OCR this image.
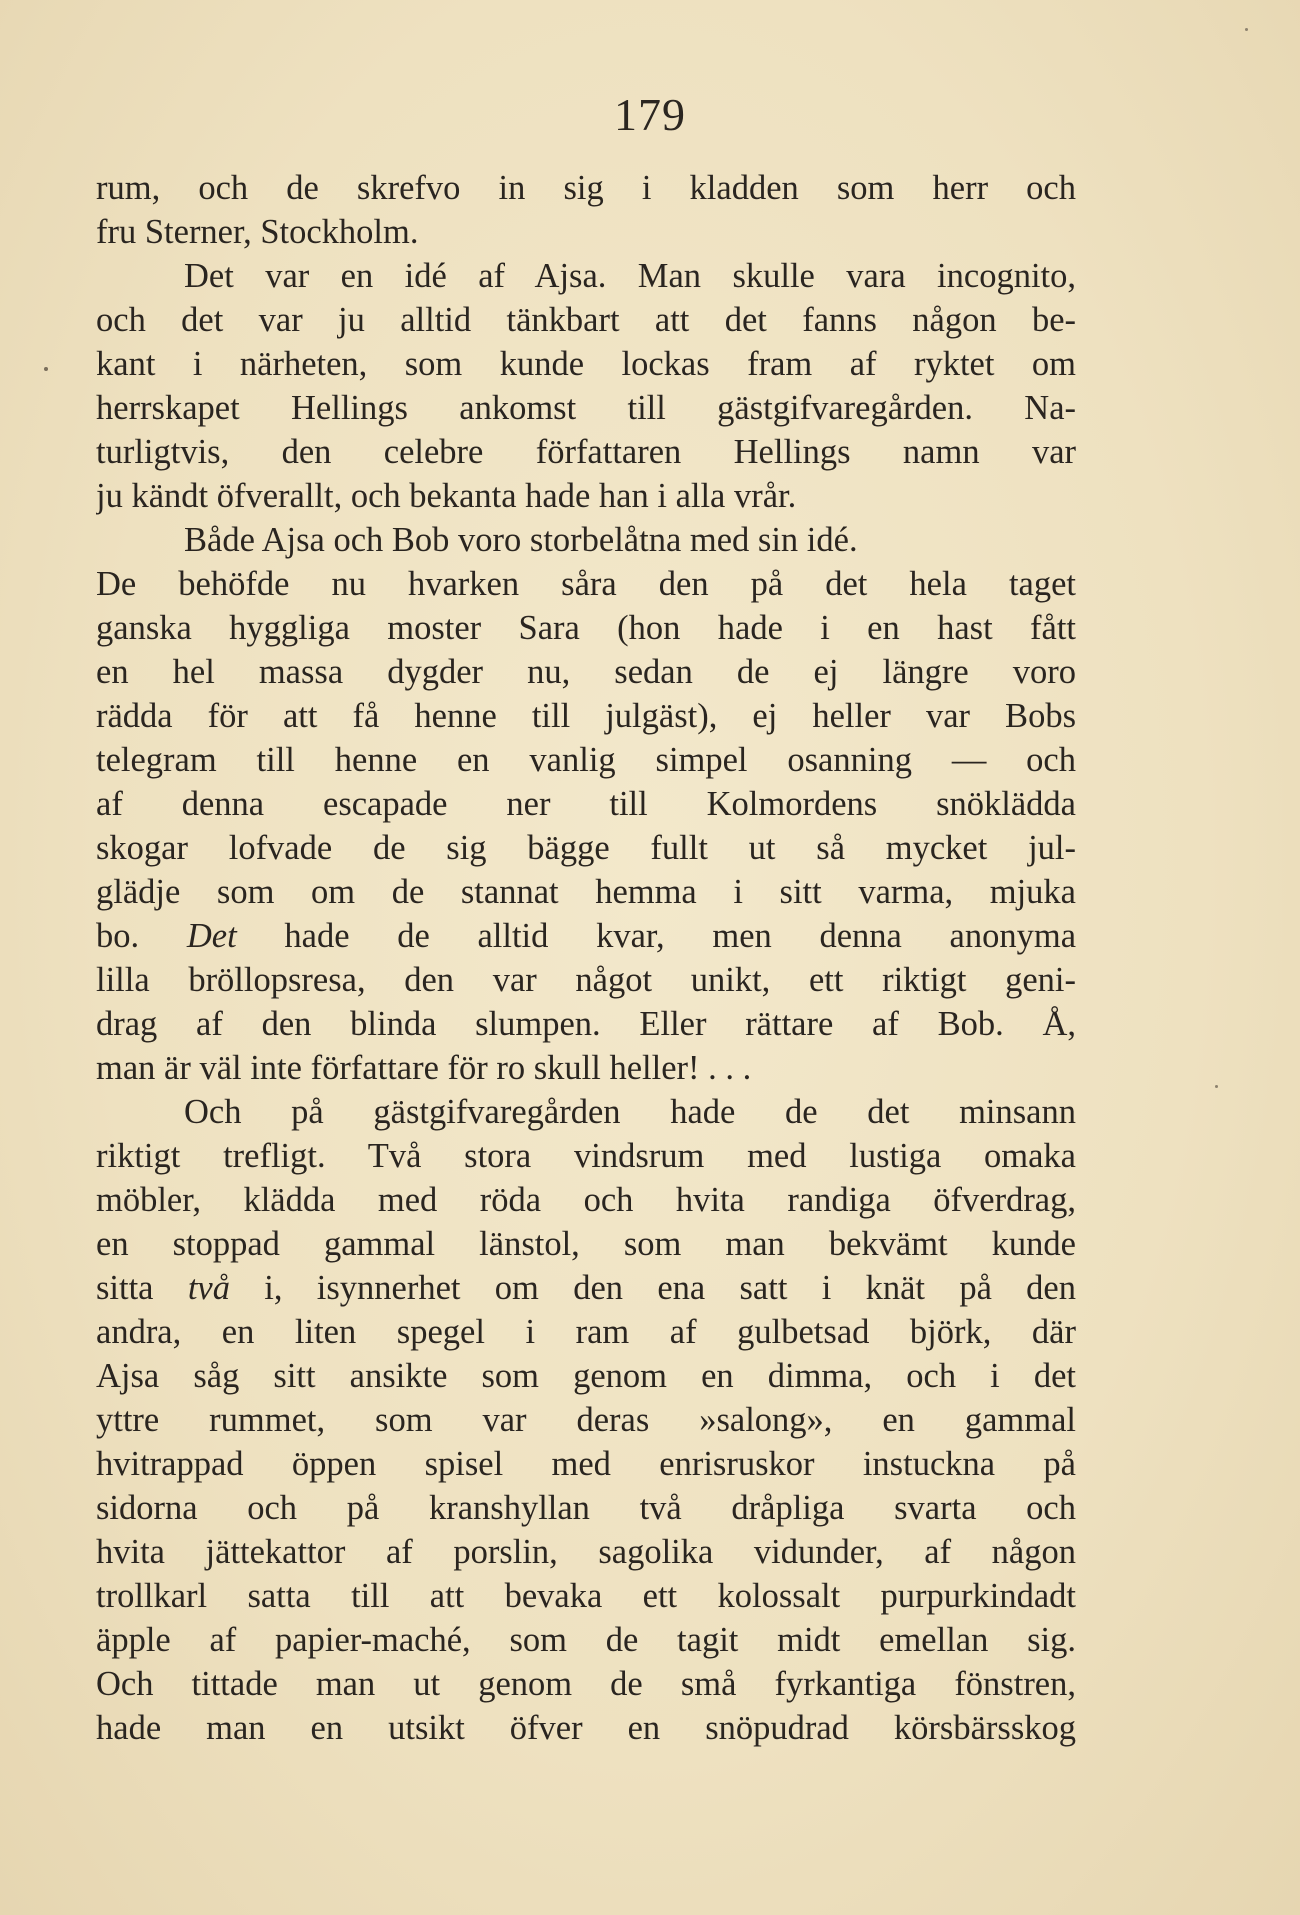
179
rum, och de skrefvo in sig i kladden som herr och
fru Sterner, Stockholm.
Det var en idé af Ajsa. Man skulle vara incognito,
och det var ju alltid tänkbart att det fanns någon be-
kant i närheten, som kunde lockas fram af ryktet om
herrskapet Hellings ankomst till gästgifvaregården. Na-
turligtvis, den celebre författaren Hellings namn var
ju kändt öfverallt, och bekanta hade han i alla vrår.
Både Ajsa och Bob voro storbelåtna med sin idé.
De behöfde nu hvarken såra den på det hela taget
ganska hyggliga moster Sara (hon hade i en hast fått
en hel massa dygder nu, sedan de ej längre voro
rädda för att få henne till julgäst), ej heller var Bobs
telegram till henne en vanlig simpel osanning — och
af denna escapade ner till Kolmordens snöklädda
skogar lofvade de sig bägge fullt ut så mycket jul-
glädje som om de stannat hemma i sitt varma, mjuka
bo. Det hade de alltid kvar, men denna anonyma
lilla bröllopsresa, den var något unikt, ett riktigt geni-
drag af den blinda slumpen. Eller rättare af Bob. Å,
man är väl inte författare för ro skull heller! . . .
Och på gästgifvaregården hade de det minsann
riktigt trefligt. Två stora vindsrum med lustiga omaka
möbler, klädda med röda och hvita randiga öfverdrag,
en stoppad gammal länstol, som man bekvämt kunde
sitta två i, isynnerhet om den ena satt i knät på den
andra, en liten spegel i ram af gulbetsad björk, där
Ajsa såg sitt ansikte som genom en dimma, och i det
yttre rummet, som var deras »salong», en gammal
hvitrappad öppen spisel med enrisruskor instuckna på
sidorna och på kranshyllan två dråpliga svarta och
hvita jättekattor af porslin, sagolika vidunder, af någon
trollkarl satta till att bevaka ett kolossalt purpurkindadt
äpple af papier-maché, som de tagit midt emellan sig.
Och tittade man ut genom de små fyrkantiga fönstren,
hade man en utsikt öfver en snöpudrad körsbärsskog
